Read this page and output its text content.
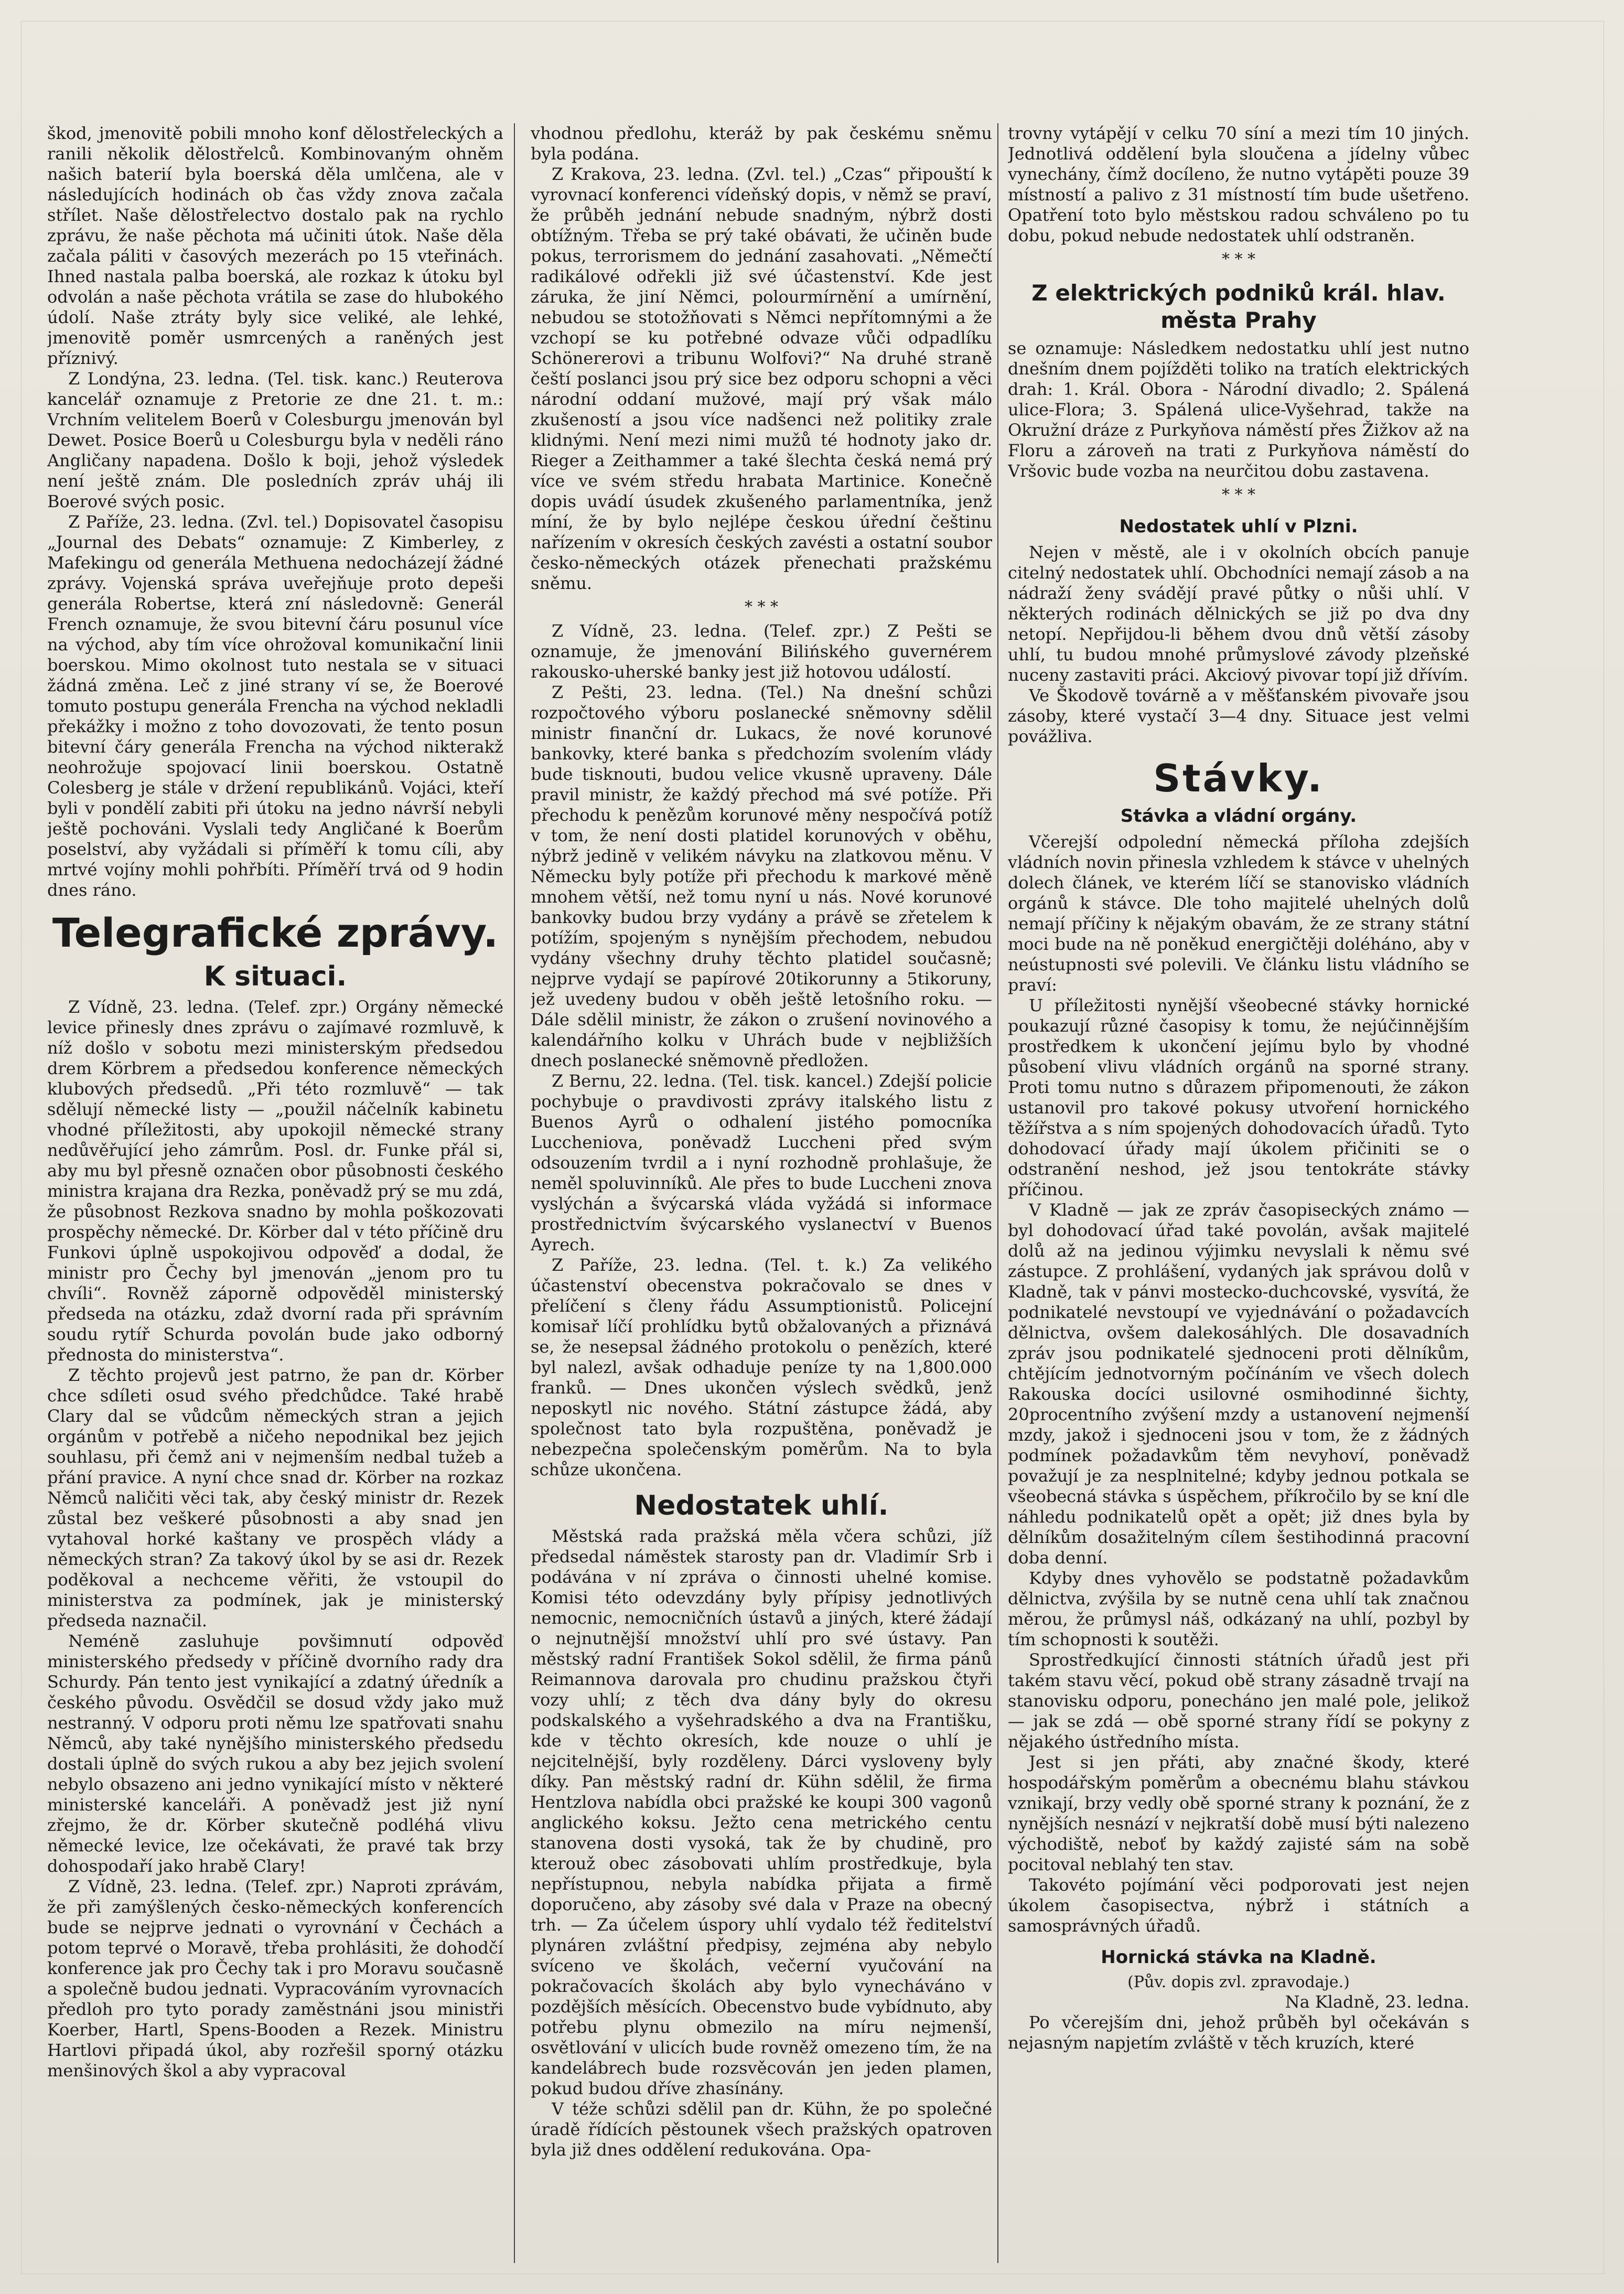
škod, jmenovitě pobili mnoho konf dělostřeleckých a ranili několik dělostřelců. Kombinovaným ohněm našich baterií byla boerská děla umlčena, ale v následujících hodinách ob čas vždy znova začala střílet. Naše dělostřelectvo dostalo pak na rychlo zprávu, že naše pěchota má učiniti útok. Naše děla začala páliti v časových mezerách po 15 vteřinách. Ihned nastala palba boerská, ale rozkaz k útoku byl odvolán a naše pěchota vrátila se zase do hlubokého údolí. Naše ztráty byly sice veliké, ale lehké, jmenovitě poměr usmrcených a raněných jest příznivý.

Z Londýna, 23. ledna. (Tel. tisk. kanc.) Reuterova kancelář oznamuje z Pretorie ze dne 21. t. m.: Vrchním velitelem Boerů v Colesburgu jmenován byl Dewet. Posice Boerů u Colesburgu byla v neděli ráno Angličany napadena. Došlo k boji, jehož výsledek není ještě znám. Dle posledních zpráv uháj ili Boerové svých posic.

Z Paříže, 23. ledna. (Zvl. tel.) Dopisovatel časopisu „Journal des Debats“ oznamuje: Z Kimberley, z Mafekingu od generála Methuena nedocházejí žádné zprávy. Vojenská správa uveřejňuje proto depeši generála Robertse, která zní následovně: Generál French oznamuje, že svou bitevní čáru posunul více na východ, aby tím více ohrožoval komunikační linii boerskou. Mimo okolnost tuto nestala se v situaci žádná změna. Leč z jiné strany ví se, že Boerové tomuto postupu generála Frencha na východ nekladli překážky i možno z toho dovozovati, že tento posun bitevní čáry generála Frencha na východ nikterakž neohrožuje spojovací linii boerskou. Ostatně Colesberg je stále v držení republikánů. Vojáci, kteří byli v pondělí zabiti při útoku na jedno návrší nebyli ještě pochováni. Vyslali tedy Angličané k Boerům poselství, aby vyžádali si příměří k tomu cíli, aby mrtvé vojíny mohli pohřbíti. Příměří trvá od 9 hodin dnes ráno.

Telegrafické zprávy.
K situaci.

Z Vídně, 23. ledna. (Telef. zpr.) Orgány německé levice přinesly dnes zprávu o zajímavé rozmluvě, k níž došlo v sobotu mezi ministerským předsedou drem Körbrem a předsedou konference německých klubových předsedů. „Při této rozmluvě“ — tak sdělují německé listy — „použil náčelník kabinetu vhodné příležitosti, aby upokojil německé strany nedůvěřující jeho zámrům. Posl. dr. Funke přál si, aby mu byl přesně označen obor působnosti českého ministra krajana dra Rezka, poněvadž prý se mu zdá, že působnost Rezkova snadno by mohla poškozovati prospěchy německé. Dr. Körber dal v této příčině dru Funkovi úplně uspokojivou odpověď a dodal, že ministr pro Čechy byl jmenován „jenom pro tu chvíli“. Rovněž záporně odpověděl ministerský předseda na otázku, zdaž dvorní rada při správním soudu rytíř Schurda povolán bude jako odborný přednosta do ministerstva“.

Z těchto projevů jest patrno, že pan dr. Körber chce sdíleti osud svého předchůdce. Také hrabě Clary dal se vůdcům německých stran a jejich orgánům v potřebě a ničeho nepodnikal bez jejich souhlasu, při čemž ani v nejmenším nedbal tužeb a přání pravice. A nyní chce snad dr. Körber na rozkaz Němců naličiti věci tak, aby český ministr dr. Rezek zůstal bez veškeré působnosti a aby snad jen vytahoval horké kaštany ve prospěch vlády a německých stran? Za takový úkol by se asi dr. Rezek poděkoval a nechceme věřiti, že vstoupil do ministerstva za podmínek, jak je ministerský předseda naznačil.

Neméně zasluhuje povšimnutí odpověď ministerského předsedy v příčině dvorního rady dra Schurdy. Pán tento jest vynikající a zdatný úředník a českého původu. Osvědčil se dosud vždy jako muž nestranný. V odporu proti němu lze spatřovati snahu Němců, aby také nynějšího ministerského předsedu dostali úplně do svých rukou a aby bez jejich svolení nebylo obsazeno ani jedno vynikající místo v některé ministerské kanceláři. A poněvadž jest již nyní zřejmo, že dr. Körber skutečně podléhá vlivu německé levice, lze očekávati, že pravé tak brzy dohospodaří jako hrabě Clary!

Z Vídně, 23. ledna. (Telef. zpr.) Naproti zprávám, že při zamýšlených česko-německých konferencích bude se nejprve jednati o vyrovnání v Čechách a potom teprvé o Moravě, třeba prohlásiti, že dohodčí konference jak pro Čechy tak i pro Moravu současně a společně budou jednati. Vypracováním vyrovnacích předloh pro tyto porady zaměstnáni jsou ministři Koerber, Hartl, Spens-Booden a Rezek. Ministru Hartlovi připadá úkol, aby rozřešil sporný otázku menšinových škol a aby vypracoval

vhodnou předlohu, kteráž by pak českému sněmu byla podána.

Z Krakova, 23. ledna. (Zvl. tel.) „Czas“ připouští k vyrovnací konferenci vídeňský dopis, v němž se praví, že průběh jednání nebude snadným, nýbrž dosti obtížným. Třeba se prý také obávati, že učiněn bude pokus, terrorismem do jednání zasahovati. „Němečtí radikálové odřekli již své účastenství. Kde jest záruka, že jiní Němci, polourmírnění a umírnění, nebudou se stotožňovati s Němci nepřítomnými a že vzchopí se ku potřebné odvaze vůči odpadlíku Schönererovi a tribunu Wolfovi?“ Na druhé straně čeští poslanci jsou prý sice bez odporu schopni a věci národní oddaní mužové, mají prý však málo zkušeností a jsou více nadšenci než politiky zrale klidnými. Není mezi nimi mužů té hodnoty jako dr. Rieger a Zeithammer a také šlechta česká nemá prý více ve svém středu hrabata Martinice. Konečně dopis uvádí úsudek zkušeného parlamentníka, jenž míní, že by bylo nejlépe českou úřední češtinu nařízením v okresích českých zavésti a ostatní soubor česko-německých otázek přenechati pražskému sněmu.

* * *

Z Vídně, 23. ledna. (Telef. zpr.) Z Pešti se oznamuje, že jmenování Bilińského guvernérem rakousko-uherské banky jest již hotovou událostí.

Z Pešti, 23. ledna. (Tel.) Na dnešní schůzi rozpočtového výboru poslanecké sněmovny sdělil ministr finanční dr. Lukacs, že nové korunové bankovky, které banka s předchozím svolením vlády bude tisknouti, budou velice vkusně upraveny. Dále pravil ministr, že každý přechod má své potíže. Při přechodu k penězům korunové měny nespočívá potíž v tom, že není dosti platidel korunových v oběhu, nýbrž jedině v velikém návyku na zlatkovou měnu. V Německu byly potíže při přechodu k markové měně mnohem větší, než tomu nyní u nás. Nové korunové bankovky budou brzy vydány a právě se zřetelem k potížím, spojeným s nynějším přechodem, nebudou vydány všechny druhy těchto platidel současně; nejprve vydají se papírové 20tikorunny a 5tikoruny, jež uvedeny budou v oběh ještě letošního roku. — Dále sdělil ministr, že zákon o zrušení novinového a kalendářního kolku v Uhrách bude v nejbližších dnech poslanecké sněmovně předložen.

Z Bernu, 22. ledna. (Tel. tisk. kancel.) Zdejší policie pochybuje o pravdivosti zprávy italského listu z Buenos Ayrů o odhalení jistého pomocníka Luccheniova, poněvadž Luccheni před svým odsouzením tvrdil a i nyní rozhodně prohlašuje, že neměl spoluvinníků. Ale přes to bude Luccheni znova vyslýchán a švýcarská vláda vyžádá si informace prostřednictvím švýcarského vyslanectví v Buenos Ayrech.

Z Paříže, 23. ledna. (Tel. t. k.) Za velikého účastenství obecenstva pokračovalo se dnes v přelíčení s členy řádu Assumptionistů. Policejní komisař líčí prohlídku bytů obžalovaných a přiznává se, že nesepsal žádného protokolu o penězích, které byl nalezl, avšak odhaduje peníze ty na 1,800.000 franků. — Dnes ukončen výslech svědků, jenž neposkytl nic nového. Státní zástupce žádá, aby společnost tato byla rozpuštěna, poněvadž je nebezpečna společenským poměrům. Na to byla schůze ukončena.

Nedostatek uhlí.

Městská rada pražská měla včera schůzi, jíž předsedal náměstek starosty pan dr. Vladimír Srb i podávána v ní zpráva o činnosti uhelné komise. Komisi této odevzdány byly přípisy jednotlivých nemocnic, nemocničních ústavů a jiných, které žádají o nejnutnější množství uhlí pro své ústavy. Pan městský radní František Sokol sdělil, že firma pánů Reimannova darovala pro chudinu pražskou čtyři vozy uhlí; z těch dva dány byly do okresu podskalského a vyšehradského a dva na Františku, kde v těchto okresích, kde nouze o uhlí je nejcitelnější, byly rozděleny. Dárci vysloveny byly díky. Pan městský radní dr. Kühn sdělil, že firma Hentzlova nabídla obci pražské ke koupi 300 vagonů anglického koksu. Ježto cena metrického centu stanovena dosti vysoká, tak že by chudině, pro kterouž obec zásobovati uhlím prostředkuje, byla nepřístupnou, nebyla nabídka přijata a firmě doporučeno, aby zásoby své dala v Praze na obecný trh. — Za účelem úspory uhlí vydalo též ředitelství plynáren zvláštní předpisy, zejména aby nebylo svíceno ve školách, večerní vyučování na pokračovacích školách aby bylo vynecháváno v pozdějších měsících. Obecenstvo bude vybídnuto, aby potřebu plynu obmezilo na míru nejmenší, osvětlování v ulicích bude rovněž omezeno tím, že na kandelábrech bude rozsvěcován jen jeden plamen, pokud budou dříve zhasínány.

V téže schůzi sdělil pan dr. Kühn, že po společné úradě řídících pěstounek všech pražských opatroven byla již dnes oddělení redukována. Opa-

trovny vytápějí v celku 70 síní a mezi tím 10 jiných. Jednotlivá oddělení byla sloučena a jídelny vůbec vynechány, čímž docíleno, že nutno vytápěti pouze 39 místností a palivo z 31 místností tím bude ušetřeno. Opatření toto bylo městskou radou schváleno po tu dobu, pokud nebude nedostatek uhlí odstraněn.

* * *
Z elektrických podniků král. hlav. města Prahy

se oznamuje: Následkem nedostatku uhlí jest nutno dnešním dnem pojížděti toliko na tratích elektrických drah: 1. Král. Obora - Národní divadlo; 2. Spálená ulice-Flora; 3. Spálená ulice-Vyšehrad, takže na Okružní dráze z Purkyňova náměstí přes Žižkov až na Floru a zároveň na trati z Purkyňova náměstí do Vršovic bude vozba na neurčitou dobu zastavena.

* * *
Nedostatek uhlí v Plzni.

Nejen v městě, ale i v okolních obcích panuje citelný nedostatek uhlí. Obchodníci nemají zásob a na nádraží ženy svádějí pravé půtky o nůši uhlí. V některých rodinách dělnických se již po dva dny netopí. Nepřijdou-li během dvou dnů větší zásoby uhlí, tu budou mnohé průmyslové závody plzeňské nuceny zastaviti práci. Akciový pivovar topí již dřívím.

Ve Škodově továrně a v měšťanském pivovaře jsou zásoby, které vystačí 3—4 dny. Situace jest velmi povážliva.

Stávky.
Stávka a vládní orgány.

Včerejší odpolední německá příloha zdejších vládních novin přinesla vzhledem k stávce v uhelných dolech článek, ve kterém líčí se stanovisko vládních orgánů k stávce. Dle toho majitelé uhelných dolů nemají příčiny k nějakým obavám, že ze strany státní moci bude na ně poněkud energičtěji doléháno, aby v neústupnosti své polevili. Ve článku listu vládního se praví:

U příležitosti nynější všeobecné stávky hornické poukazují různé časopisy k tomu, že nejúčinnějším prostředkem k ukončení jejímu bylo by vhodné působení vlivu vládních orgánů na sporné strany. Proti tomu nutno s důrazem připomenouti, že zákon ustanovil pro takové pokusy utvoření hornického těžířstva a s ním spojených dohodovacích úřadů. Tyto dohodovací úřady mají úkolem přičiniti se o odstranění neshod, jež jsou tentokráte stávky příčinou.

V Kladně — jak ze zpráv časopiseckých známo — byl dohodovací úřad také povolán, avšak majitelé dolů až na jedinou výjimku nevyslali k němu své zástupce. Z prohlášení, vydaných jak správou dolů v Kladně, tak v pánvi mostecko-duchcovské, vysvítá, že podnikatelé nevstoupí ve vyjednávání o požadavcích dělnictva, ovšem dalekosáhlých. Dle dosavadních zpráv jsou podnikatelé sjednoceni proti dělníkům, chtějícím jednotvorným počínáním ve všech dolech Rakouska docíci usilovné osmihodinné šichty, 20procentního zvýšení mzdy a ustanovení nejmenší mzdy, jakož i sjednoceni jsou v tom, že z žádných podmínek požadavkům těm nevyhoví, poněvadž považují je za nesplnitelné; kdyby jednou potkala se všeobecná stávka s úspěchem, příkročilo by se kní dle náhledu podnikatelů opět a opět; již dnes byla by dělníkům dosažitelným cílem šestihodinná pracovní doba denní.

Kdyby dnes vyhovělo se podstatně požadavkům dělnictva, zvýšila by se nutně cena uhlí tak značnou měrou, že průmysl náš, odkázaný na uhlí, pozbyl by tím schopnosti k soutěži.

Sprostředkující činnosti státních úřadů jest při takém stavu věcí, pokud obě strany zásadně trvají na stanovisku odporu, ponecháno jen malé pole, jelikož — jak se zdá — obě sporné strany řídí se pokyny z nějakého ústředního místa.

Jest si jen přáti, aby značné škody, které hospodářským poměrům a obecnému blahu stávkou vznikají, brzy vedly obě sporné strany k poznání, že z nynějších nesnází v nejkratší době musí býti nalezeno východiště, neboť by každý zajisté sám na sobě pocitoval neblahý ten stav.

Takovéto pojímání věci podporovati jest nejen úkolem časopisectva, nýbrž i státních a samosprávných úřadů.

Hornická stávka na Kladně.
(Pův. dopis zvl. zpravodaje.)

Na Kladně, 23. ledna.

Po včerejším dni, jehož průběh byl očekáván s nejasným napjetím zvláště v těch kruzích, které
